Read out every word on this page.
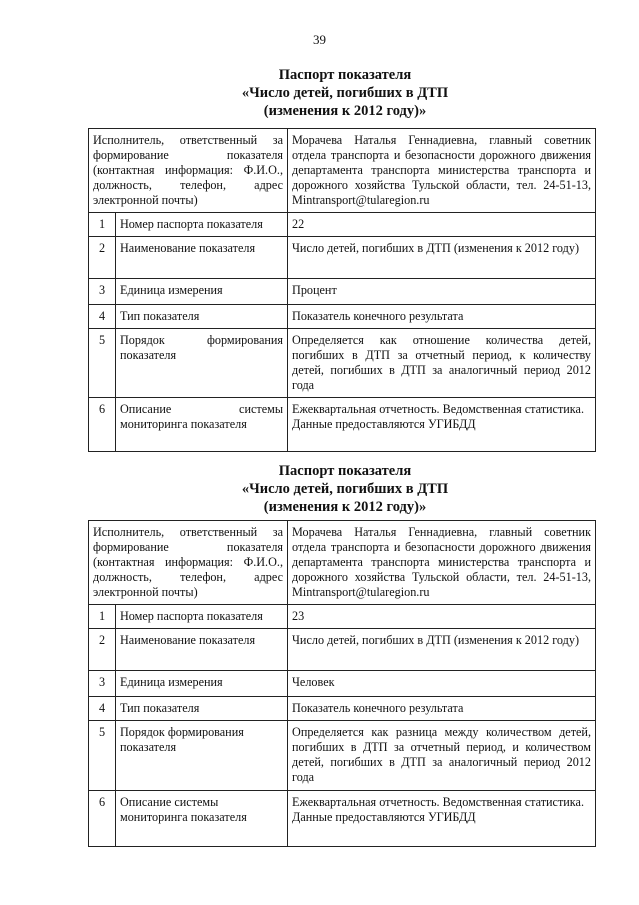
39
Паспорт показателя
«Число детей, погибших в ДТП
(изменения к 2012 году)»
Исполнитель, ответственный за формирование показателя (контактная информация: Ф.И.О., должность, телефон, адрес электронной почты)		Морачева Наталья Геннадиевна, главный советник отдела транспорта и безопасности дорожного движения департамента транспорта министерства транспорта и дорожного хозяйства Тульской области, тел. 24-51-13, Mintransport@tularegion.ru
1	Номер паспорта показателя	22
2	Наименование показателя	Число детей, погибших в ДТП (изменения к 2012 году)
3	Единица измерения	Процент
4	Тип показателя	Показатель конечного результата
5	Порядок формирования показателя	Определяется как отношение количества детей, погибших в ДТП за отчетный период, к количеству детей, погибших в ДТП за аналогичный период 2012 года
6	Описание системы мониторинга показателя	Ежеквартальная отчетность. Ведомственная статистика. Данные предоставляются УГИБДД
Паспорт показателя
«Число детей, погибших в ДТП
(изменения к 2012 году)»
Исполнитель, ответственный за формирование показателя (контактная информация: Ф.И.О., должность, телефон, адрес электронной почты)		Морачева Наталья Геннадиевна, главный советник отдела транспорта и безопасности дорожного движения департамента транспорта министерства транспорта и дорожного хозяйства Тульской области, тел. 24-51-13, Mintransport@tularegion.ru
1	Номер паспорта показателя	23
2	Наименование показателя	Число детей, погибших в ДТП (изменения к 2012 году)
3	Единица измерения	Человек
4	Тип показателя	Показатель конечного результата
5	Порядок формирования показателя	Определяется как разница между количеством детей, погибших в ДТП за отчетный период, и количеством детей, погибших в ДТП за аналогичный период 2012 года
6	Описание системы мониторинга показателя	Ежеквартальная отчетность. Ведомственная статистика. Данные предоставляются УГИБДД
